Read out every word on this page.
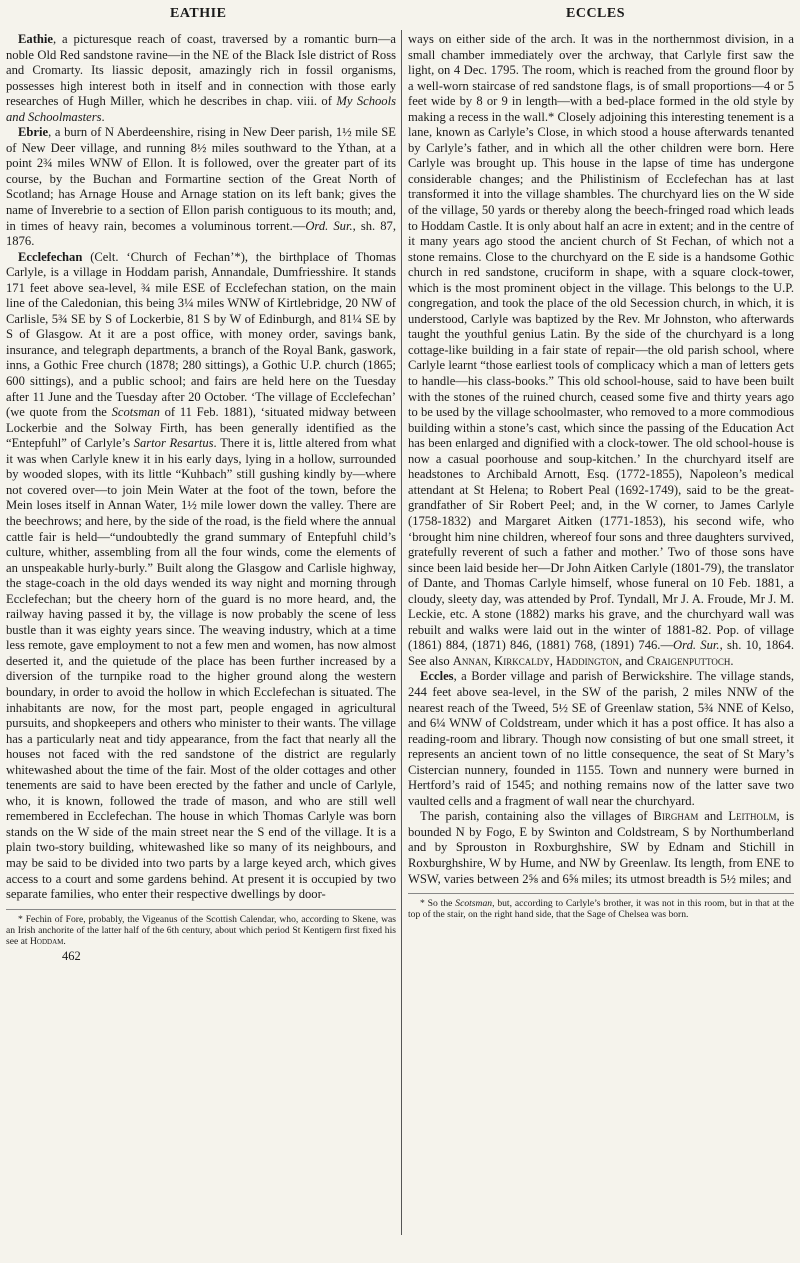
EATHIE	ECCLES

Eathie, a picturesque reach of coast, traversed by a romantic burn—a noble Old Red sandstone ravine—in the NE of the Black Isle district of Ross and Cromarty. Its liassic deposit, amazingly rich in fossil organisms, possesses high interest both in itself and in connection with those early researches of Hugh Miller, which he describes in chap. viii. of My Schools and Schoolmasters.

Ebrie, a burn of N Aberdeenshire, rising in New Deer parish, 1½ mile SE of New Deer village, and running 8½ miles southward to the Ythan, at a point 2¾ miles WNW of Ellon. It is followed, over the greater part of its course, by the Buchan and Formartine section of the Great North of Scotland; has Arnage House and Arnage station on its left bank; gives the name of Inverebrie to a section of Ellon parish contiguous to its mouth; and, in times of heavy rain, becomes a voluminous torrent.—Ord. Sur., sh. 87, 1876.

Ecclefechan (Celt. ‘Church of Fechan’*), the birthplace of Thomas Carlyle, is a village in Hoddam parish, Annandale, Dumfriesshire. It stands 171 feet above sea-level, ¾ mile ESE of Ecclefechan station, on the main line of the Caledonian, this being 3¼ miles WNW of Kirtlebridge, 20 NW of Carlisle, 5¾ SE by S of Lockerbie, 81 S by W of Edinburgh, and 81¼ SE by S of Glasgow. At it are a post office, with money order, savings bank, insurance, and telegraph departments, a branch of the Royal Bank, gaswork, inns, a Gothic Free church (1878; 280 sittings), a Gothic U.P. church (1865; 600 sittings), and a public school; and fairs are held here on the Tuesday after 11 June and the Tuesday after 20 October. ‘The village of Ecclefechan’ (we quote from the Scotsman of 11 Feb. 1881), ‘situated midway between Lockerbie and the Solway Firth, has been generally identified as the “Entepfuhl” of Carlyle’s Sartor Resartus. There it is, little altered from what it was when Carlyle knew it in his early days, lying in a hollow, surrounded by wooded slopes, with its little “Kuhbach” still gushing kindly by—where not covered over—to join Mein Water at the foot of the town, before the Mein loses itself in Annan Water, 1½ mile lower down the valley. There are the beechrows; and here, by the side of the road, is the field where the annual cattle fair is held—“undoubtedly the grand summary of Entepfuhl child’s culture, whither, assembling from all the four winds, come the elements of an unspeakable hurly-burly.” Built along the Glasgow and Carlisle highway, the stage-coach in the old days wended its way night and morning through Ecclefechan; but the cheery horn of the guard is no more heard, and, the railway having passed it by, the village is now probably the scene of less bustle than it was eighty years since. The weaving industry, which at a time less remote, gave employment to not a few men and women, has now almost deserted it, and the quietude of the place has been further increased by a diversion of the turnpike road to the higher ground along the western boundary, in order to avoid the hollow in which Ecclefechan is situated. The inhabitants are now, for the most part, people engaged in agricultural pursuits, and shopkeepers and others who minister to their wants. The village has a particularly neat and tidy appearance, from the fact that nearly all the houses not faced with the red sandstone of the district are regularly whitewashed about the time of the fair. Most of the older cottages and other tenements are said to have been erected by the father and uncle of Carlyle, who, it is known, followed the trade of mason, and who are still well remembered in Ecclefechan. The house in which Thomas Carlyle was born stands on the W side of the main street near the S end of the village. It is a plain two-story building, whitewashed like so many of its neighbours, and may be said to be divided into two parts by a large keyed arch, which gives access to a court and some gardens behind. At present it is occupied by two separate families, who enter their respective dwellings by door-

* Fechin of Fore, probably, the Vigeanus of the Scottish Calendar, who, according to Skene, was an Irish anchorite of the latter half of the 6th century, about which period St Kentigern first fixed his see at Hoddam.

462

ways on either side of the arch. It was in the northernmost division, in a small chamber immediately over the archway, that Carlyle first saw the light, on 4 Dec. 1795. The room, which is reached from the ground floor by a well-worn staircase of red sandstone flags, is of small proportions—4 or 5 feet wide by 8 or 9 in length—with a bed-place formed in the old style by making a recess in the wall.* Closely adjoining this interesting tenement is a lane, known as Carlyle’s Close, in which stood a house afterwards tenanted by Carlyle’s father, and in which all the other children were born. Here Carlyle was brought up. This house in the lapse of time has undergone considerable changes; and the Philistinism of Ecclefechan has at last transformed it into the village shambles. The churchyard lies on the W side of the village, 50 yards or thereby along the beech-fringed road which leads to Hoddam Castle. It is only about half an acre in extent; and in the centre of it many years ago stood the ancient church of St Fechan, of which not a stone remains. Close to the churchyard on the E side is a handsome Gothic church in red sandstone, cruciform in shape, with a square clock-tower, which is the most prominent object in the village. This belongs to the U.P. congregation, and took the place of the old Secession church, in which, it is understood, Carlyle was baptized by the Rev. Mr Johnston, who afterwards taught the youthful genius Latin. By the side of the churchyard is a long cottage-like building in a fair state of repair—the old parish school, where Carlyle learnt “those earliest tools of complicacy which a man of letters gets to handle—his class-books.” This old school-house, said to have been built with the stones of the ruined church, ceased some five and thirty years ago to be used by the village schoolmaster, who removed to a more commodious building within a stone’s cast, which since the passing of the Education Act has been enlarged and dignified with a clock-tower. The old school-house is now a casual poorhouse and soup-kitchen.’ In the churchyard itself are headstones to Archibald Arnott, Esq. (1772-1855), Napoleon’s medical attendant at St Helena; to Robert Peal (1692-1749), said to be the great-grandfather of Sir Robert Peel; and, in the W corner, to James Carlyle (1758-1832) and Margaret Aitken (1771-1853), his second wife, who ‘brought him nine children, whereof four sons and three daughters survived, gratefully reverent of such a father and mother.’ Two of those sons have since been laid beside her—Dr John Aitken Carlyle (1801-79), the translator of Dante, and Thomas Carlyle himself, whose funeral on 10 Feb. 1881, a cloudy, sleety day, was attended by Prof. Tyndall, Mr J. A. Froude, Mr J. M. Leckie, etc. A stone (1882) marks his grave, and the churchyard wall was rebuilt and walks were laid out in the winter of 1881-82. Pop. of village (1861) 884, (1871) 846, (1881) 768, (1891) 746.—Ord. Sur., sh. 10, 1864. See also Annan, Kirkcaldy, Haddington, and Craigenputtoch.

Eccles, a Border village and parish of Berwickshire. The village stands, 244 feet above sea-level, in the SW of the parish, 2 miles NNW of the nearest reach of the Tweed, 5½ SE of Greenlaw station, 5¾ NNE of Kelso, and 6¼ WNW of Coldstream, under which it has a post office. It has also a reading-room and library. Though now consisting of but one small street, it represents an ancient town of no little consequence, the seat of St Mary’s Cistercian nunnery, founded in 1155. Town and nunnery were burned in Hertford’s raid of 1545; and nothing remains now of the latter save two vaulted cells and a fragment of wall near the churchyard.

The parish, containing also the villages of Birgham and Leitholm, is bounded N by Fogo, E by Swinton and Coldstream, S by Northumberland and by Sprouston in Roxburghshire, SW by Ednam and Stichill in Roxburghshire, W by Hume, and NW by Greenlaw. Its length, from ENE to WSW, varies between 2⅝ and 6⅝ miles; its utmost breadth is 5½ miles; and

* So the Scotsman, but, according to Carlyle’s brother, it was not in this room, but in that at the top of the stair, on the right hand side, that the Sage of Chelsea was born.
